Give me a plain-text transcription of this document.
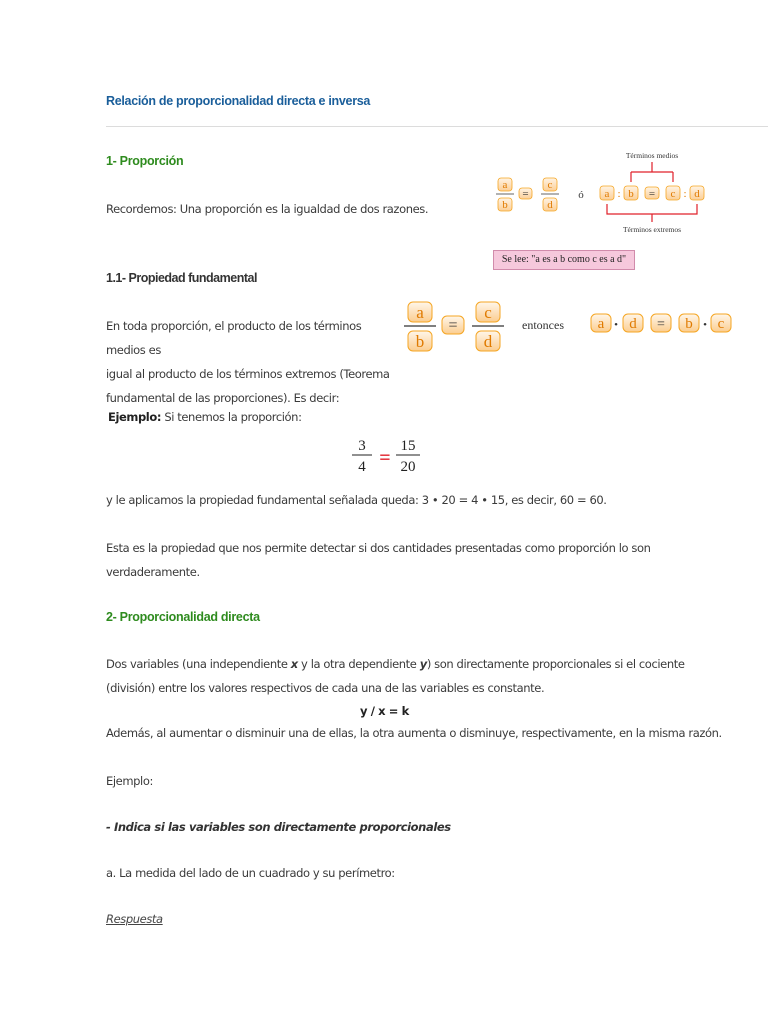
Relación de proporcionalidad directa e inversa
1- Proporción
Recordemos: Una proporción es la igualdad de dos razones.
a
b
=
c
d
ó a : b = c : d
Términos medios
Términos extremos
Se lee: "a es a b como c es a d"
1.1- Propiedad fundamental
En toda proporción, el producto de los términos medios es
igual al producto de los términos extremos (Teorema
fundamental de las proporciones). Es decir:
a
b
=
c
d
entonces a • d = b • c
Ejemplo: Si tenemos la proporción:
3
4 =
15
20
y le aplicamos la propiedad fundamental señalada queda: 3 • 20 = 4 • 15, es decir, 60 = 60.
Esta es la propiedad que nos permite detectar si dos cantidades presentadas como proporción lo son
verdaderamente.
2- Proporcionalidad directa
Dos variables (una independiente x y la otra dependiente y) son directamente proporcionales si el cociente
(división) entre los valores respectivos de cada una de las variables es constante.
y / x = k
Además, al aumentar o disminuir una de ellas, la otra aumenta o disminuye, respectivamente, en la misma razón.
Ejemplo:
- Indica si las variables son directamente proporcionales
a. La medida del lado de un cuadrado y su perímetro:
Respuesta
